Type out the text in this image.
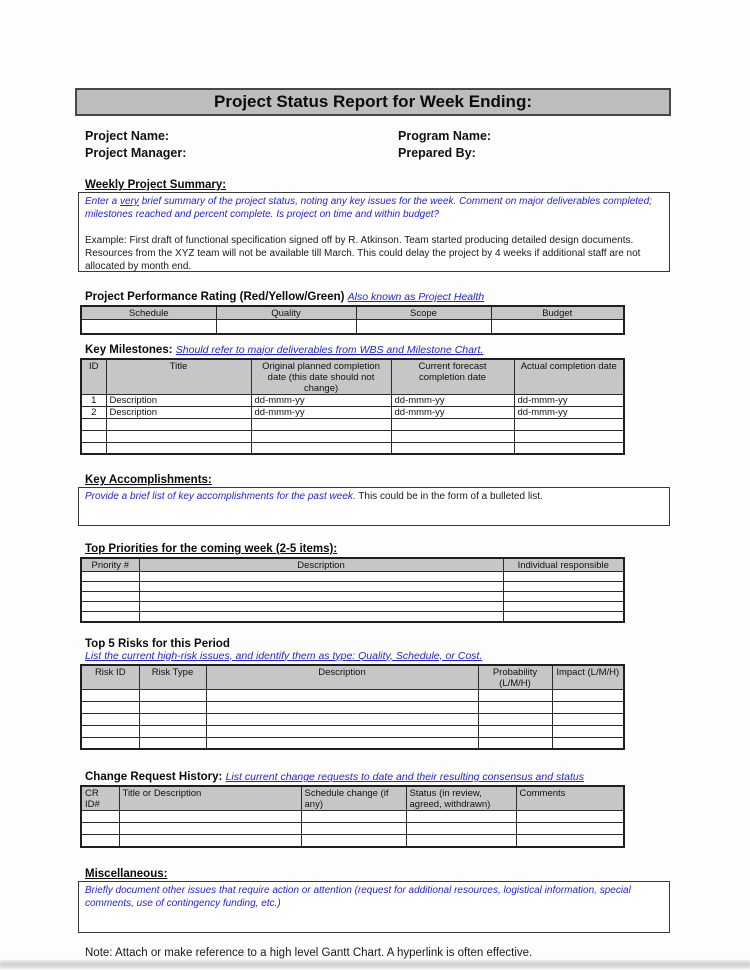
Project Status Report for Week Ending:
Project Name:
Project Manager:
Program Name:
Prepared By:
Weekly Project Summary:

Enter a very brief summary of the project status, noting any key issues for the week. Comment on major deliverables completed; milestones reached and percent complete. Is project on time and within budget?

Example: First draft of functional specification signed off by R. Atkinson. Team started producing detailed design documents. Resources from the XYZ team will not be available till March. This could delay the project by 4 weeks if additional staff are not allocated by month end.

Project Performance Rating (Red/Yellow/Green) Also known as Project Health
Schedule	Quality	Scope	Budget

Key Milestones: Should refer to major deliverables from WBS and Milestone Chart.
ID	Title	Original planned completion date (this date should not change)	Current forecast completion date	Actual completion date
1	Description	dd-mmm-yy	dd-mmm-yy	dd-mmm-yy
2	Description	dd-mmm-yy	dd-mmm-yy	dd-mmm-yy

Key Accomplishments:

Provide a brief list of key accomplishments for the past week. This could be in the form of a bulleted list.

Top Priorities for the coming week (2-5 items):
Priority #	Description	Individual responsible

Top 5 Risks for this Period
List the current high-risk issues, and identify them as type: Quality, Schedule, or Cost.
Risk ID	Risk Type	Description	Probability (L/M/H)	Impact (L/M/H)

Change Request History: List current change requests to date and their resulting consensus and status
CR ID#	Title or Description	Schedule change (if any)	Status (in review, agreed, withdrawn)	Comments

Miscellaneous:

Briefly document other issues that require action or attention (request for additional resources, logistical information, special comments, use of contingency funding, etc.)

Note: Attach or make reference to a high level Gantt Chart. A hyperlink is often effective.
